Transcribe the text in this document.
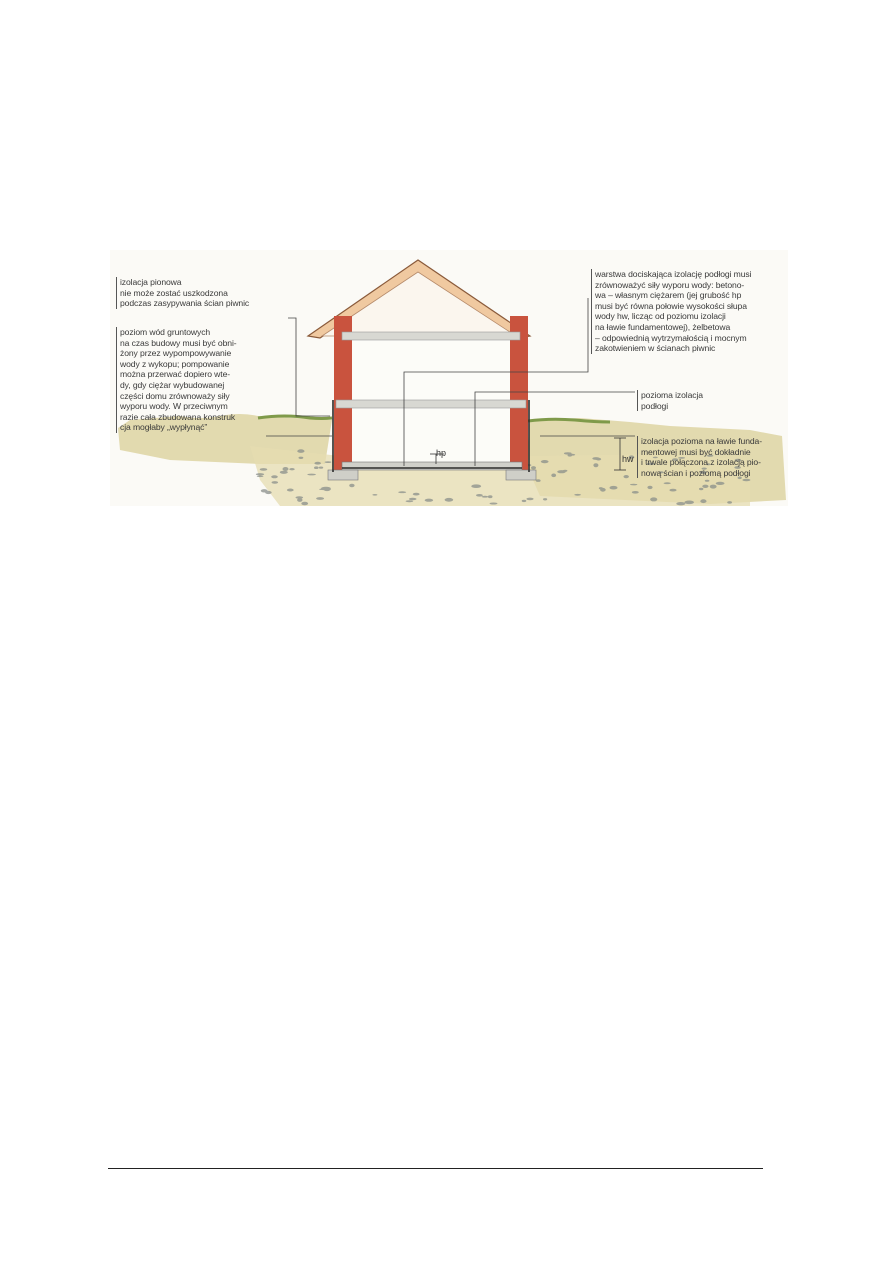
hp
hw
izolacja pionowa
nie może zostać uszkodzona
podczas zasypywania ścian piwnic
poziom wód gruntowych
na czas budowy musi być obni-
żony przez wypompowywanie
wody z wykopu; pompowanie
można przerwać dopiero wte-
dy, gdy ciężar wybudowanej
części domu zrównoważy siły
wyporu wody. W przeciwnym
razie cała zbudowana konstruk
cja mogłaby „wypłynąć”
warstwa dociskająca izolację podłogi musi
zrównoważyć siły wyporu wody: betono-
wa – własnym ciężarem (jej grubość hp
musi być równa połowie wysokości słupa
wody hw, licząc od poziomu izolacji
na ławie fundamentowej), żelbetowa
– odpowiednią wytrzymałością i mocnym
zakotwieniem w ścianach piwnic
pozioma izolacja
podłogi
izolacja pozioma na ławie funda-
mentowej musi być dokładnie
i trwale połączona z izolacją pio-
nową ścian i poziomą podłogi
